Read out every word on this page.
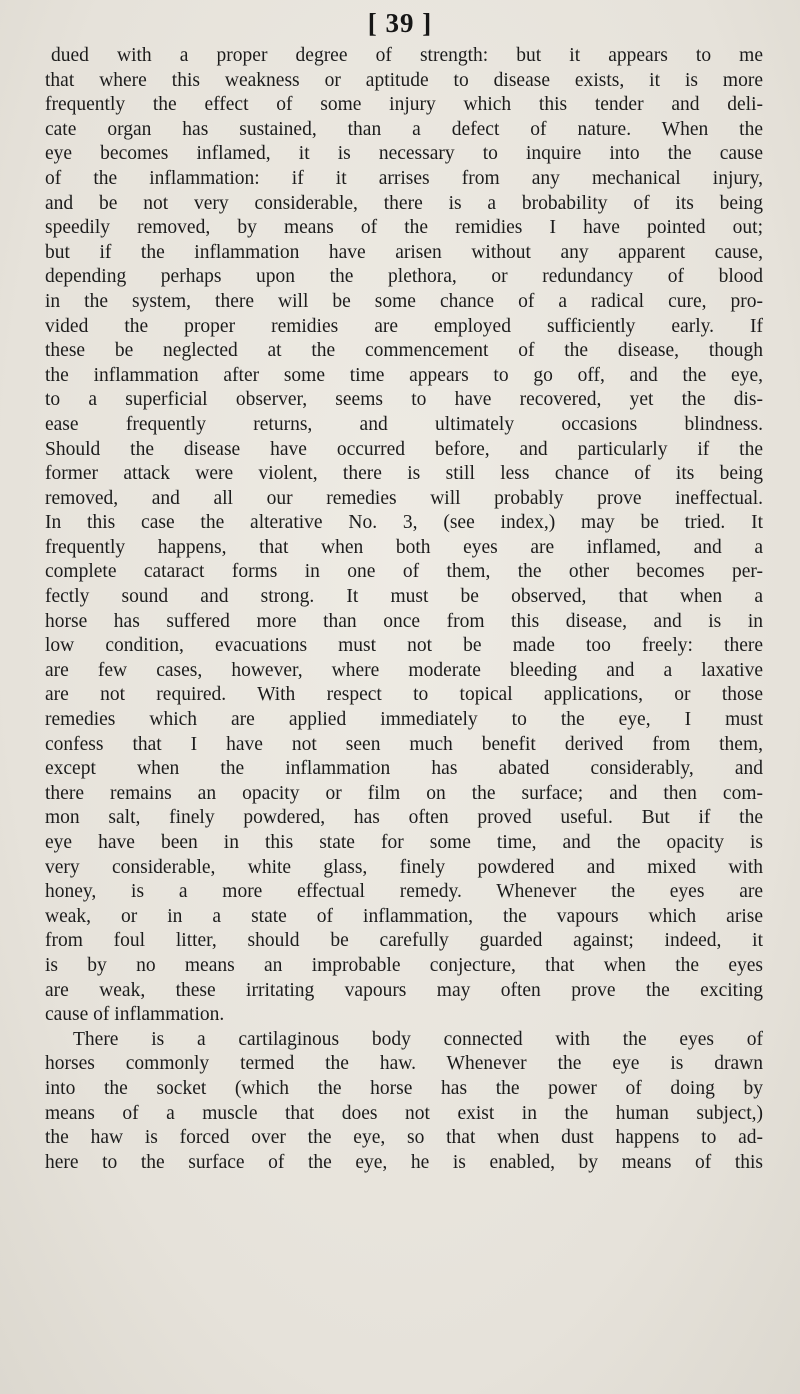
[ 39 ]
dued with a proper degree of strength: but it appears to me
that where this weakness or aptitude to disease exists, it is more
frequently the effect of some injury which this tender and deli-
cate organ has sustained, than a defect of nature. When the
eye becomes inflamed, it is necessary to inquire into the cause
of the inflammation: if it arrises from any mechanical injury,
and be not very considerable, there is a brobability of its being
speedily removed, by means of the remidies I have pointed out;
but if the inflammation have arisen without any apparent cause,
depending perhaps upon the plethora, or redundancy of blood
in the system, there will be some chance of a radical cure, pro-
vided the proper remidies are employed sufficiently early. If
these be neglected at the commencement of the disease, though
the inflammation after some time appears to go off, and the eye,
to a superficial observer, seems to have recovered, yet the dis-
ease frequently returns, and ultimately occasions blindness.
Should the disease have occurred before, and particularly if the
former attack were violent, there is still less chance of its being
removed, and all our remedies will probably prove ineffectual.
In this case the alterative No. 3, (see index,) may be tried. It
frequently happens, that when both eyes are inflamed, and a
complete cataract forms in one of them, the other becomes per-
fectly sound and strong. It must be observed, that when a
horse has suffered more than once from this disease, and is in
low condition, evacuations must not be made too freely: there
are few cases, however, where moderate bleeding and a laxative
are not required. With respect to topical applications, or those
remedies which are applied immediately to the eye, I must
confess that I have not seen much benefit derived from them,
except when the inflammation has abated considerably, and
there remains an opacity or film on the surface; and then com-
mon salt, finely powdered, has often proved useful. But if the
eye have been in this state for some time, and the opacity is
very considerable, white glass, finely powdered and mixed with
honey, is a more effectual remedy. Whenever the eyes are
weak, or in a state of inflammation, the vapours which arise
from foul litter, should be carefully guarded against; indeed, it
is by no means an improbable conjecture, that when the eyes
are weak, these irritating vapours may often prove the exciting
cause of inflammation.
There is a cartilaginous body connected with the eyes of
horses commonly termed the haw. Whenever the eye is drawn
into the socket (which the horse has the power of doing by
means of a muscle that does not exist in the human subject,)
the haw is forced over the eye, so that when dust happens to ad-
here to the surface of the eye, he is enabled, by means of this
